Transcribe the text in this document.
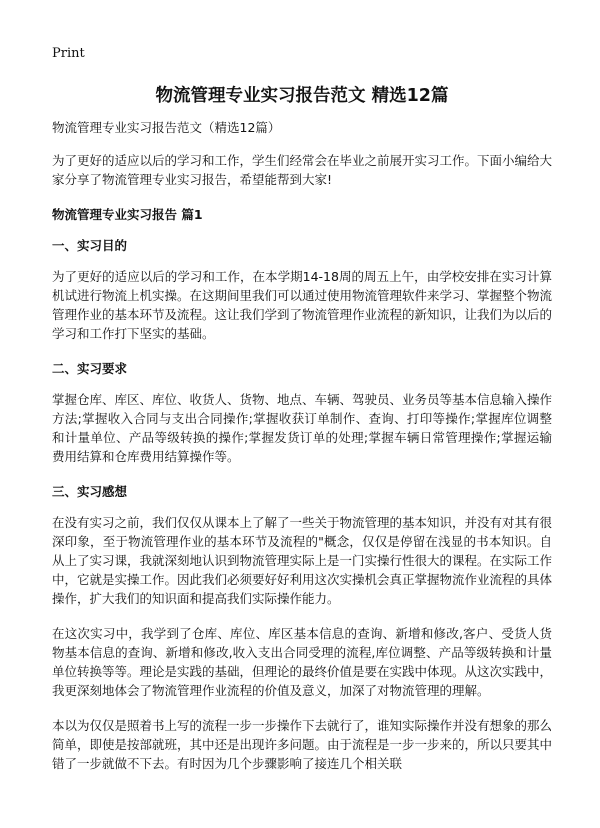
Print
物流管理专业实习报告范文 精选12篇

物流管理专业实习报告范文（精选12篇）

为了更好的适应以后的学习和工作，学生们经常会在毕业之前展开实习工作。下面小编给大家分享了物流管理专业实习报告，希望能帮到大家!

物流管理专业实习报告 篇1
一、实习目的

为了更好的适应以后的学习和工作，在本学期14-18周的周五上午，由学校安排在实习计算机试进行物流上机实操。在这期间里我们可以通过使用物流管理软件来学习、掌握整个物流管理作业的基本环节及流程。这让我们学到了物流管理作业流程的新知识，让我们为以后的学习和工作打下坚实的基础。

二、实习要求

掌握仓库、库区、库位、收货人、货物、地点、车辆、驾驶员、业务员等基本信息输入操作方法;掌握收入合同与支出合同操作;掌握收获订单制作、查询、打印等操作;掌握库位调整和计量单位、产品等级转换的操作;掌握发货订单的处理;掌握车辆日常管理操作;掌握运输费用结算和仓库费用结算操作等。

三、实习感想

在没有实习之前，我们仅仅从课本上了解了一些关于物流管理的基本知识，并没有对其有很深印象，至于物流管理作业的基本环节及流程的"概念，仅仅是停留在浅显的书本知识。自从上了实习课，我就深刻地认识到物流管理实际上是一门实操行性很大的课程。在实际工作中，它就是实操工作。因此我们必须要好好利用这次实操机会真正掌握物流作业流程的具体操作，扩大我们的知识面和提高我们实际操作能力。

在这次实习中，我学到了仓库、库位、库区基本信息的查询、新增和修改,客户、受货人货物基本信息的查询、新增和修改,收入支出合同受理的流程,库位调整、产品等级转换和计量单位转换等等。理论是实践的基础，但理论的最终价值是要在实践中体现。从这次实践中，我更深刻地体会了物流管理作业流程的价值及意义，加深了对物流管理的理解。

本以为仅仅是照着书上写的流程一步一步操作下去就行了，谁知实际操作并没有想象的那么简单，即使是按部就班，其中还是出现许多问题。由于流程是一步一步来的，所以只要其中错了一步就做不下去。有时因为几个步骤影响了接连几个相关联
